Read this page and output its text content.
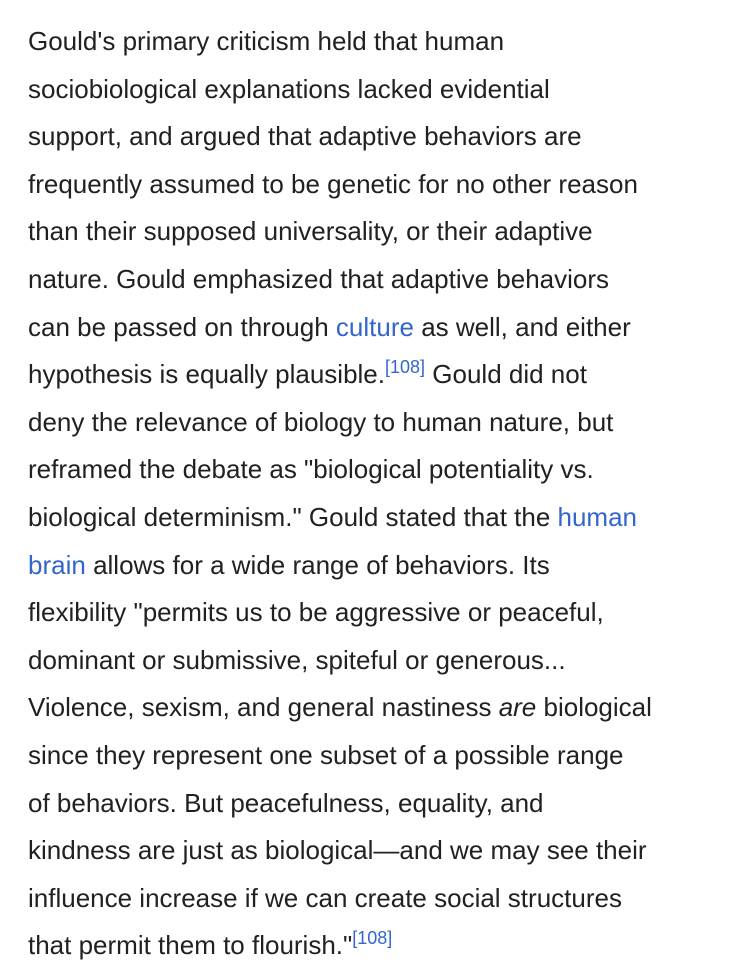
Gould's primary criticism held that human
sociobiological explanations lacked evidential
support, and argued that adaptive behaviors are
frequently assumed to be genetic for no other reason
than their supposed universality, or their adaptive
nature. Gould emphasized that adaptive behaviors
can be passed on through culture as well, and either
hypothesis is equally plausible.[108] Gould did not
deny the relevance of biology to human nature, but
reframed the debate as "biological potentiality vs.
biological determinism." Gould stated that the human
brain allows for a wide range of behaviors. Its
flexibility "permits us to be aggressive or peaceful,
dominant or submissive, spiteful or generous...
Violence, sexism, and general nastiness are biological
since they represent one subset of a possible range
of behaviors. But peacefulness, equality, and
kindness are just as biological—and we may see their
influence increase if we can create social structures
that permit them to flourish."[108]
